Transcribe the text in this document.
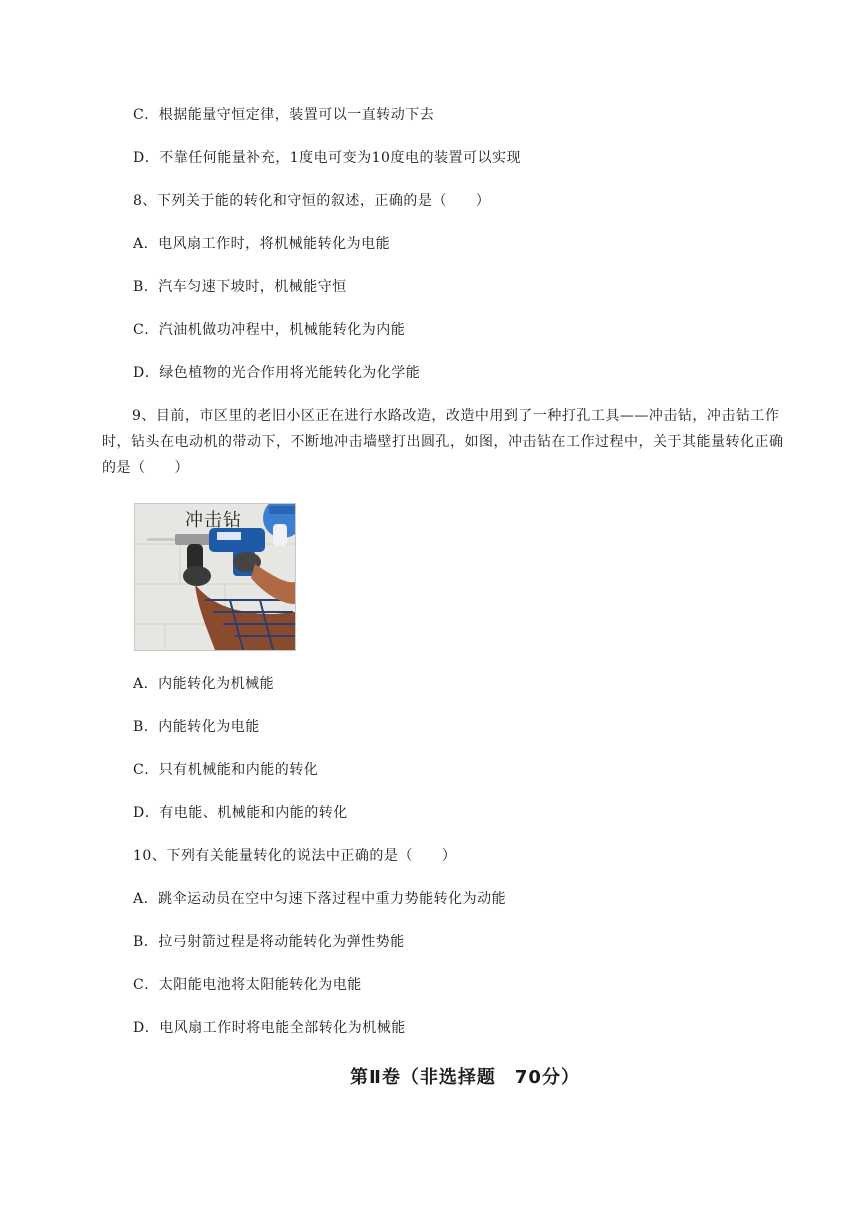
C．根据能量守恒定律，装置可以一直转动下去
D．不靠任何能量补充，1度电可变为10度电的装置可以实现
8、下列关于能的转化和守恒的叙述，正确的是（　　）
A．电风扇工作时，将机械能转化为电能
B．汽车匀速下坡时，机械能守恒
C．汽油机做功冲程中，机械能转化为内能
D．绿色植物的光合作用将光能转化为化学能
9、目前，市区里的老旧小区正在进行水路改造，改造中用到了一种打孔工具——冲击钻，冲击钻工作时，钻头在电动机的带动下，不断地冲击墙壁打出圆孔，如图，冲击钻在工作过程中，关于其能量转化正确的是（　　）
冲击钻
A．内能转化为机械能
B．内能转化为电能
C．只有机械能和内能的转化
D．有电能、机械能和内能的转化
10、下列有关能量转化的说法中正确的是（　　）
A．跳伞运动员在空中匀速下落过程中重力势能转化为动能
B．拉弓射箭过程是将动能转化为弹性势能
C．太阳能电池将太阳能转化为电能
D．电风扇工作时将电能全部转化为机械能
第Ⅱ卷（非选择题　70分）
